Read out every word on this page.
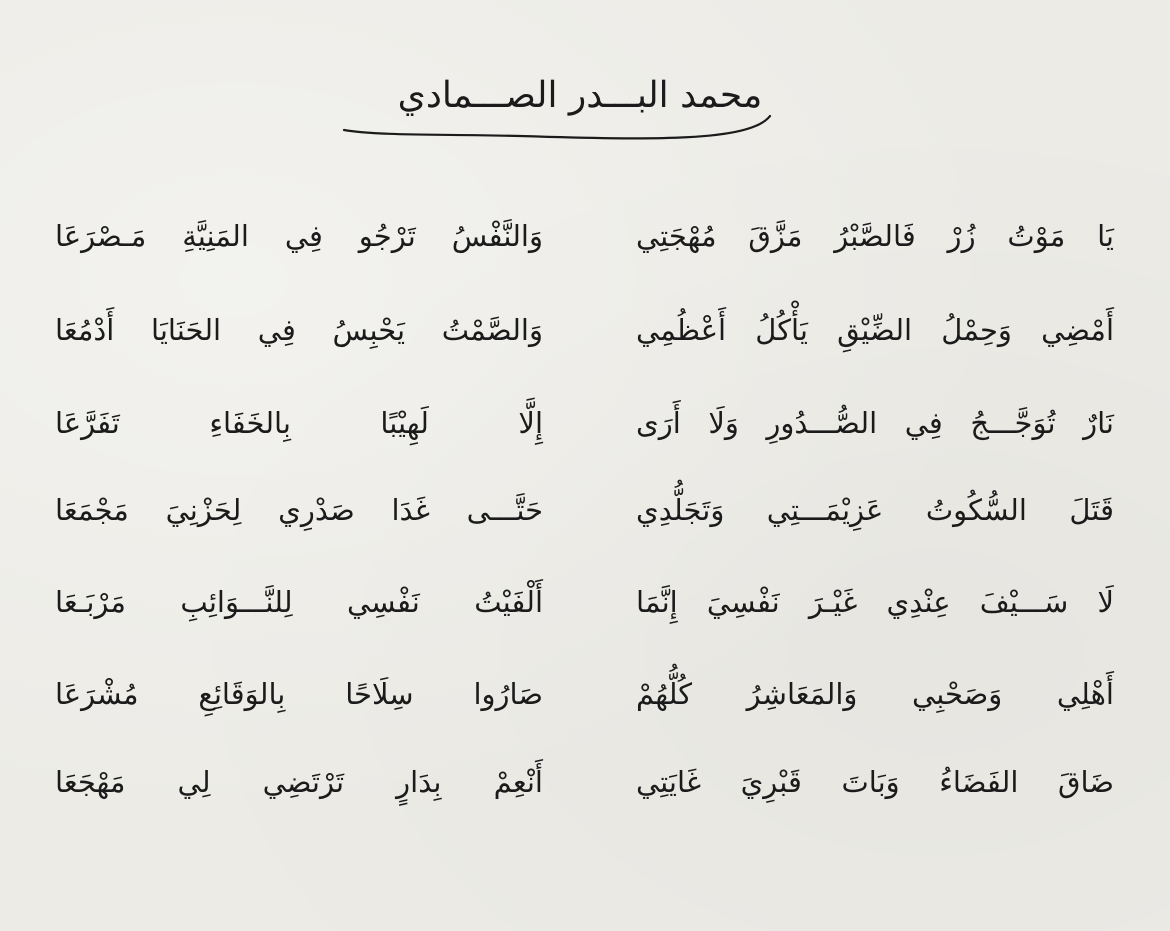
محمد البـــدر الصـــمادي
يَا مَوْتُ زُرْ فَالصَّبْرُ مَزَّقَ مُهْجَتِي
وَالنَّفْسُ تَرْجُو فِي المَنِيَّةِ مَـصْرَعَا
أَمْضِي وَحِمْلُ الضِّيْقِ يَأْكُلُ أَعْظُمِي
وَالصَّمْتُ يَحْبِسُ فِي الحَنَايَا أَدْمُعَا
نَارٌ تُوَجَّـــجُ فِي الصُّـــدُورِ وَلَا أَرَى
إِلَّا لَهِيْبًا بِالخَفَاءِ تَفَرَّعَا
قَتَلَ السُّكُوتُ عَزِيْمَـــتِي وَتَجَلُّدِي
حَتَّـــى غَدَا صَدْرِي لِحَزْنِيَ مَجْمَعَا
لَا سَـــيْفَ عِنْدِي غَيْـرَ نَفْسِيَ إِنَّمَا
أَلْفَيْتُ نَفْسِي لِلنَّـــوَائِبِ مَرْبَـعَا
أَهْلِي وَصَحْبِي وَالمَعَاشِرُ كُلُّهُمْ
صَارُوا سِلَاحًا بِالوَقَائِعِ مُشْرَعَا
ضَاقَ الفَضَاءُ وَبَاتَ قَبْرِيَ غَايَتِي
أَنْعِمْ بِدَارٍ تَرْتَضِي لِي مَهْجَعَا
